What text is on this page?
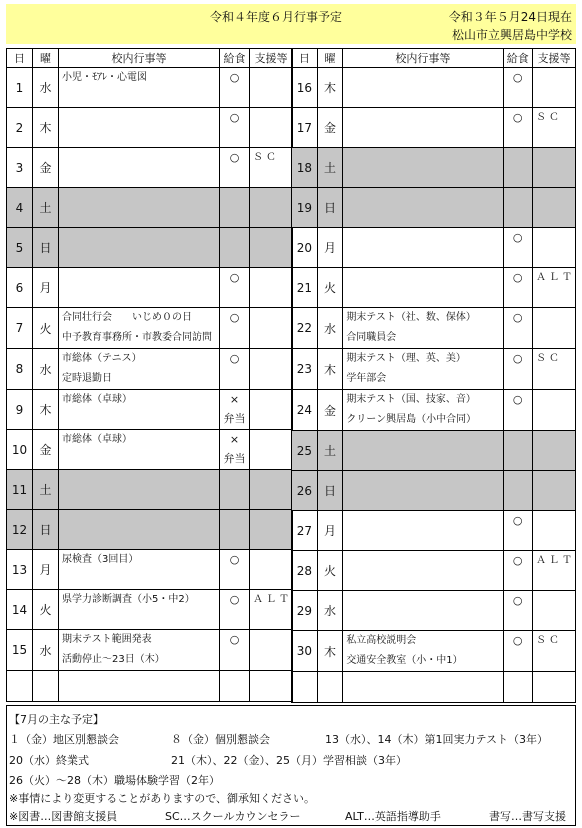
令和４年度６月行事予定	令和３年５月24日現在
松山市立興居島中学校
日	曜	校内行事等	給食	支援等
1	水	小児・ﾓｱﾚ・心電図	○	

2	木		○	

3	金		○	ＳＣ
4	土			
5	日			
6	月		○	

7	火	合同壮行会　　いじめ０の日
中予教育事務所・市教委合同訪問	○	

8	水	市総体（テニス）
定時退勤日	○	

9	木	市総体（卓球）	×
弁当	

10	金	市総体（卓球）	×
弁当	

11	土			
12	日			
13	月	尿検査（3回目）	○	

14	火	県学力診断調査（小5・中2）	○	ＡＬＴ
15	水	期末テスト範囲発表
活動停止～23日（木）	○	

日	曜	校内行事等	給食	支援等
16	木		○	

17	金		○	ＳＣ
18	土			
19	日			
20	月		○	

21	火		○	ＡＬＴ
22	水	期末テスト（社、数、保体）
合同職員会	○	

23	木	期末テスト（理、英、美）
学年部会	○	ＳＣ
24	金	期末テスト（国、技家、音）
クリーン興居島（小中合同）	○	

25	土			
26	日			
27	月		○	

28	火		○	ＡＬＴ
29	水		○	

30	木	私立高校説明会
交通安全教室（小・中1）	○	ＳＣ

【7月の主な予定】
１（金）地区別懇談会	８（金）個別懇談会	13（水）、14（木）第1回実力テスト（3年）
20（水）終業式	21（木）、22（金）、25（月）学習相談（3年）
26（火）～28（木）職場体験学習（2年）
※事情により変更することがありますので、御承知ください。
※図書…図書館支援員	SC…スクールカウンセラー	ALT…英語指導助手	書写…書写支援
